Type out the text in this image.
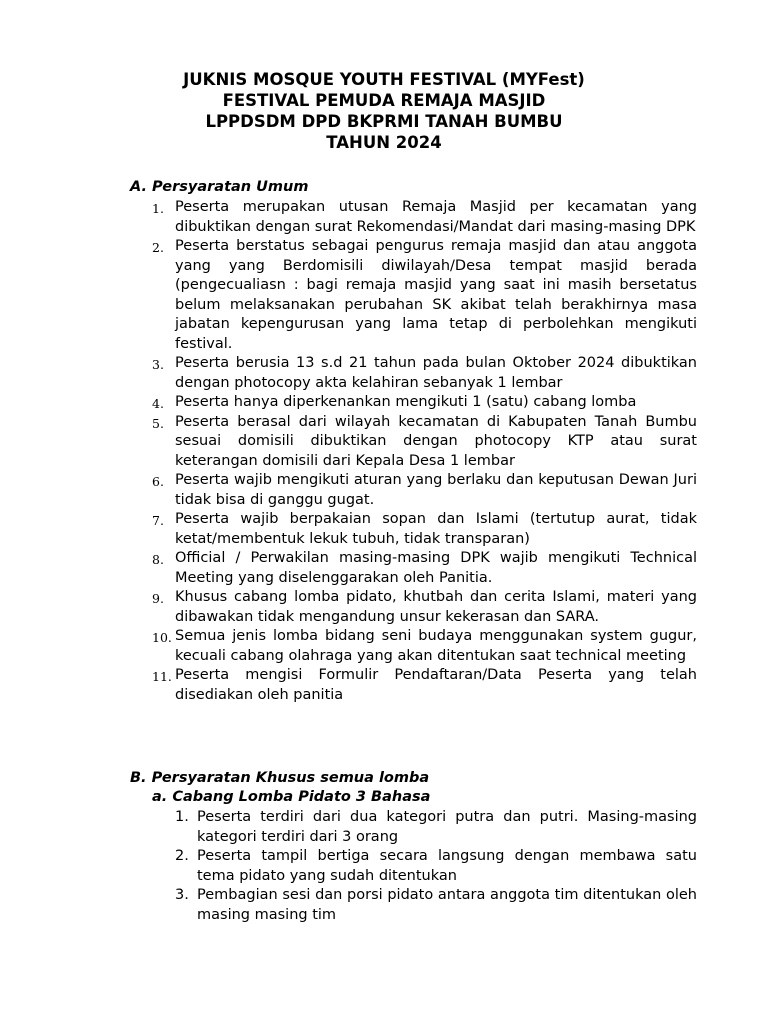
JUKNIS MOSQUE YOUTH FESTIVAL (MYFest)
FESTIVAL PEMUDA REMAJA MASJID
LPPDSDM DPD BKPRMI TANAH BUMBU
TAHUN 2024
A. Persyaratan Umum
1. Peserta merupakan utusan Remaja Masjid per kecamatan yang dibuktikan dengan surat Rekomendasi/Mandat dari masing-masing DPK
2. Peserta berstatus sebagai pengurus remaja masjid dan atau anggota yang yang Berdomisili diwilayah/Desa tempat masjid berada (pengecualiasn : bagi remaja masjid yang saat ini masih bersetatus belum melaksanakan perubahan SK akibat telah berakhirnya masa jabatan kepengurusan yang lama tetap di perbolehkan mengikuti festival.
3. Peserta berusia 13 s.d 21 tahun pada bulan Oktober 2024 dibuktikan dengan photocopy akta kelahiran sebanyak 1 lembar
4. Peserta hanya diperkenankan mengikuti 1 (satu) cabang lomba
5. Peserta berasal dari wilayah kecamatan di Kabupaten Tanah Bumbu sesuai domisili dibuktikan dengan photocopy KTP atau surat keterangan domisili dari Kepala Desa 1 lembar
6. Peserta wajib mengikuti aturan yang berlaku dan keputusan Dewan Juri tidak bisa di ganggu gugat.
7. Peserta wajib berpakaian sopan dan Islami (tertutup aurat, tidak ketat/membentuk lekuk tubuh, tidak transparan)
8. Official / Perwakilan masing-masing DPK wajib mengikuti Technical Meeting yang diselenggarakan oleh Panitia.
9. Khusus cabang lomba pidato, khutbah dan cerita Islami, materi yang dibawakan tidak mengandung unsur kekerasan dan SARA.
10. Semua jenis lomba bidang seni budaya menggunakan system gugur, kecuali cabang olahraga yang akan ditentukan saat technical meeting
11. Peserta mengisi Formulir Pendaftaran/Data Peserta yang telah disediakan oleh panitia
B. Persyaratan Khusus semua lomba
a. Cabang Lomba Pidato 3 Bahasa
1. Peserta terdiri dari dua kategori putra dan putri. Masing-masing kategori terdiri dari 3 orang
2. Peserta tampil bertiga secara langsung dengan membawa satu tema pidato yang sudah ditentukan
3. Pembagian sesi dan porsi pidato antara anggota tim ditentukan oleh masing masing tim
